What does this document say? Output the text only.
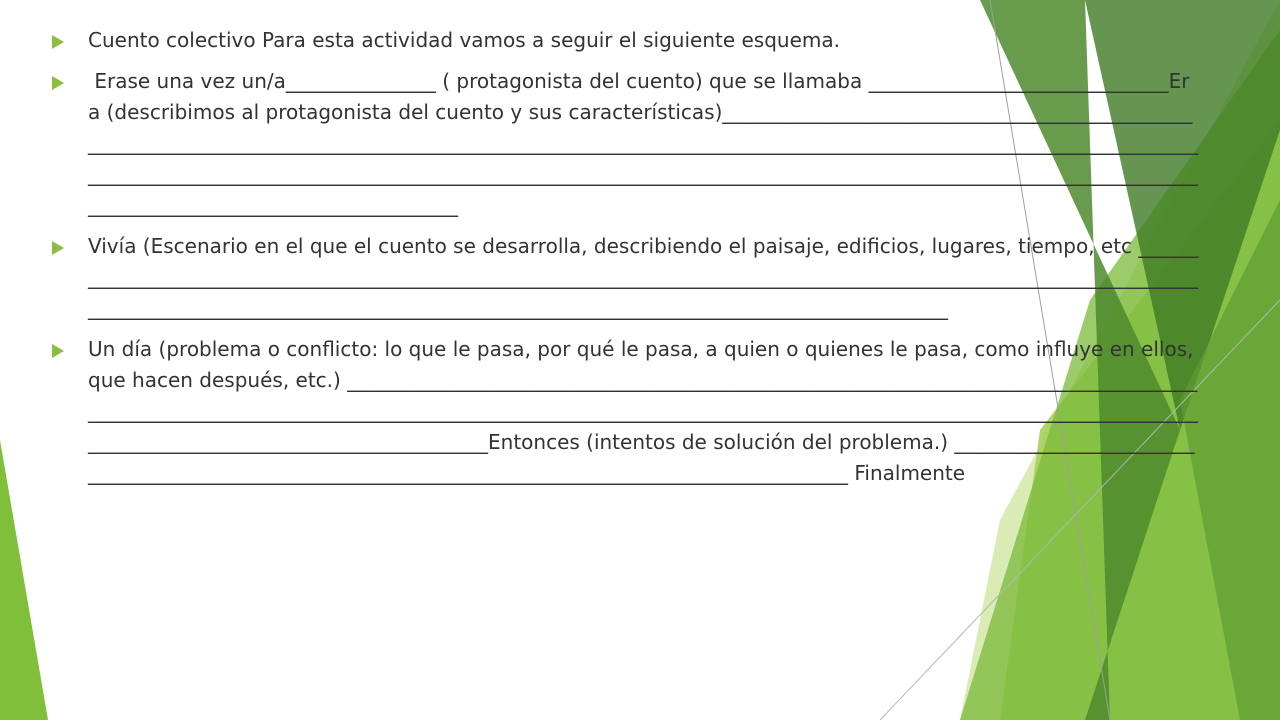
Cuento colectivo Para esta actividad vamos a seguir el siguiente esquema.

Erase una vez un/a_______________ ( protagonista del cuento) que se llamaba ______________________________Era (describimos al protagonista del cuento y sus características)__________________________________________________________________________________________________________________________________________________________________________________________________________________________________________________________________________________________________________________

Vivía (Escenario en el que el cuento se desarrolla, describiendo el paisaje, edificios, lugares, tiempo, etc ___________________________________________________________________________________________________________________________________________________________________________________________________________

Un día (problema o conflicto: lo que le pasa, por qué le pasa, a quien o quienes le pasa, como influye en ellos, que hacen después, etc.) ____________________________________________________________________________________________________________________________________________________________________________________________________________________________________________Entonces (intentos de solución del problema.) ____________________________________________________________________________________________________ Finalmente
